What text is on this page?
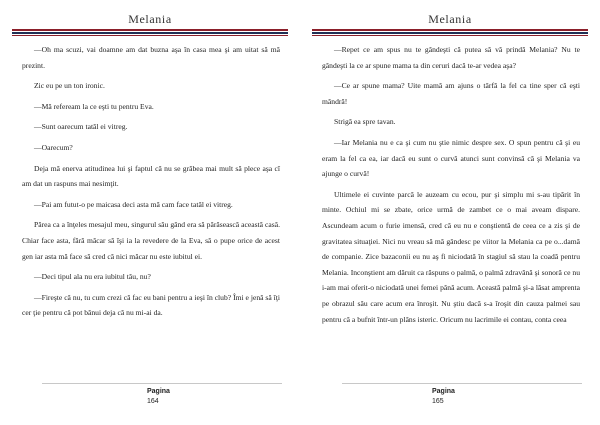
Melania

—Oh ma scuzi, vai doamne am dat buzna aşa în casa mea şi am uitat să mă prezint.

Zic eu pe un ton ironic.

—Mă refeream la ce eşti tu pentru Eva.

—Sunt oarecum tatăl ei vitreg.

—Oarecum?

Deja mă enerva atitudinea lui şi faptul că nu se grăbea mai mult să plece aşa cî am dat un raspuns mai nesimţit.

—Pai am futut-o pe maicasa deci asta mă cam face tatăl ei vitreg.

Părea ca a înţeles mesajul meu, singurul său gând era să părăsească această casă. Chiar face asta, fără măcar să îşi ia la revedere de la Eva, să o pupe orice de acest gen iar asta mă face să cred că nici măcar nu este iubitul ei.

—Deci tipul ala nu era iubitul tău, nu?

—Fireşte că nu, tu cum crezi că fac eu bani pentru a ieşi în club? Îmi e jenă să îţi cer ţie pentru că pot bănui deja că nu mi-ai da.

Pagina
164
Melania

—Repet ce am spus nu te gândeşti că putea să vă prindă Melania? Nu te gândeşti la ce ar spune mama ta din ceruri dacă te-ar vedea aşa?

—Ce ar spune mama? Uite mamă am ajuns o târfă la fel ca tine sper că eşti mândră!

Strigă ea spre tavan.

—Iar Melania nu e ca şi cum nu ştie nimic despre sex. O spun pentru că şi eu eram la fel ca ea, iar dacă eu sunt o curvă atunci sunt convinsă că şi Melania va ajunge o curvă!

Ultimele ei cuvinte parcă le auzeam cu ecou, pur şi simplu mi s-au tipărit în minte. Ochiul mi se zbate, orice urmă de zambet ce o mai aveam dispare. Ascundeam acum o furie imensă, cred că eu nu e conştientă de ceea ce a zis şi de gravitatea situaţiei. Nici nu vreau să mă gândesc pe viitor la Melania ca pe o...damă de companie. Zice bazaconii eu nu aş fi niciodată în stagiul să stau la coadă pentru Melania. Inconştient am dăruit ca răspuns o palmă, o palmă zdravănă şi sonoră ce nu i-am mai oferit-o niciodată unei femei până acum. Această palmă şi-a lăsat amprenta pe obrazul său care acum era înroşit. Nu ştiu dacă s-a îroşit din cauza palmei sau pentru că a bufnit într-un plâns isteric. Oricum nu lacrimile ei contau, conta ceea

Pagina
165
